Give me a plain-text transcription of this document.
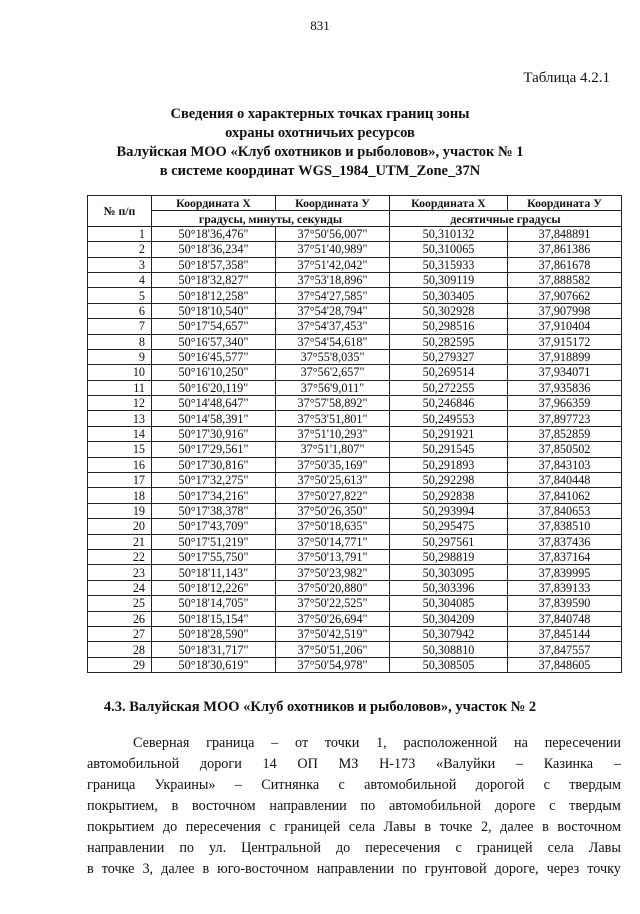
831
Таблица 4.2.1
Сведения о характерных точках границ зоны
охраны охотничьих ресурсов
Валуйская МОО «Клуб охотников и рыболовов», участок № 1
в системе координат WGS_1984_UTM_Zone_37N
№ п/п	Координата X	Координата У	Координата X	Координата У
	градусы, минуты, секунды		десятичные градусы	
1	50°18'36,476"	37°50'56,007"	50,310132	37,848891
2	50°18'36,234"	37°51'40,989"	50,310065	37,861386
3	50°18'57,358"	37°51'42,042"	50,315933	37,861678
4	50°18'32,827"	37°53'18,896"	50,309119	37,888582
5	50°18'12,258"	37°54'27,585"	50,303405	37,907662
6	50°18'10,540"	37°54'28,794"	50,302928	37,907998
7	50°17'54,657"	37°54'37,453"	50,298516	37,910404
8	50°16'57,340"	37°54'54,618"	50,282595	37,915172
9	50°16'45,577"	37°55'8,035"	50,279327	37,918899
10	50°16'10,250"	37°56'2,657"	50,269514	37,934071
11	50°16'20,119"	37°56'9,011"	50,272255	37,935836
12	50°14'48,647"	37°57'58,892"	50,246846	37,966359
13	50°14'58,391"	37°53'51,801"	50,249553	37,897723
14	50°17'30,916"	37°51'10,293"	50,291921	37,852859
15	50°17'29,561"	37°51'1,807"	50,291545	37,850502
16	50°17'30,816"	37°50'35,169"	50,291893	37,843103
17	50°17'32,275"	37°50'25,613"	50,292298	37,840448
18	50°17'34,216"	37°50'27,822"	50,292838	37,841062
19	50°17'38,378"	37°50'26,350"	50,293994	37,840653
20	50°17'43,709"	37°50'18,635"	50,295475	37,838510
21	50°17'51,219"	37°50'14,771"	50,297561	37,837436
22	50°17'55,750"	37°50'13,791"	50,298819	37,837164
23	50°18'11,143"	37°50'23,982"	50,303095	37,839995
24	50°18'12,226"	37°50'20,880"	50,303396	37,839133
25	50°18'14,705"	37°50'22,525"	50,304085	37,839590
26	50°18'15,154"	37°50'26,694"	50,304209	37,840748
27	50°18'28,590"	37°50'42,519"	50,307942	37,845144
28	50°18'31,717"	37°50'51,206"	50,308810	37,847557
29	50°18'30,619"	37°50'54,978"	50,308505	37,848605
4.3. Валуйская МОО «Клуб охотников и рыболовов», участок № 2
Северная граница – от точки 1, расположенной на пересечении
автомобильной дороги 14 ОП МЗ Н-173 «Валуйки – Казинка –
граница Украины» – Ситнянка с автомобильной дорогой с твердым
покрытием, в восточном направлении по автомобильной дороге с твердым
покрытием до пересечения с границей села Лавы в точке 2, далее в восточном
направлении по ул. Центральной до пересечения с границей села Лавы
в точке 3, далее в юго-восточном направлении по грунтовой дороге, через точку
